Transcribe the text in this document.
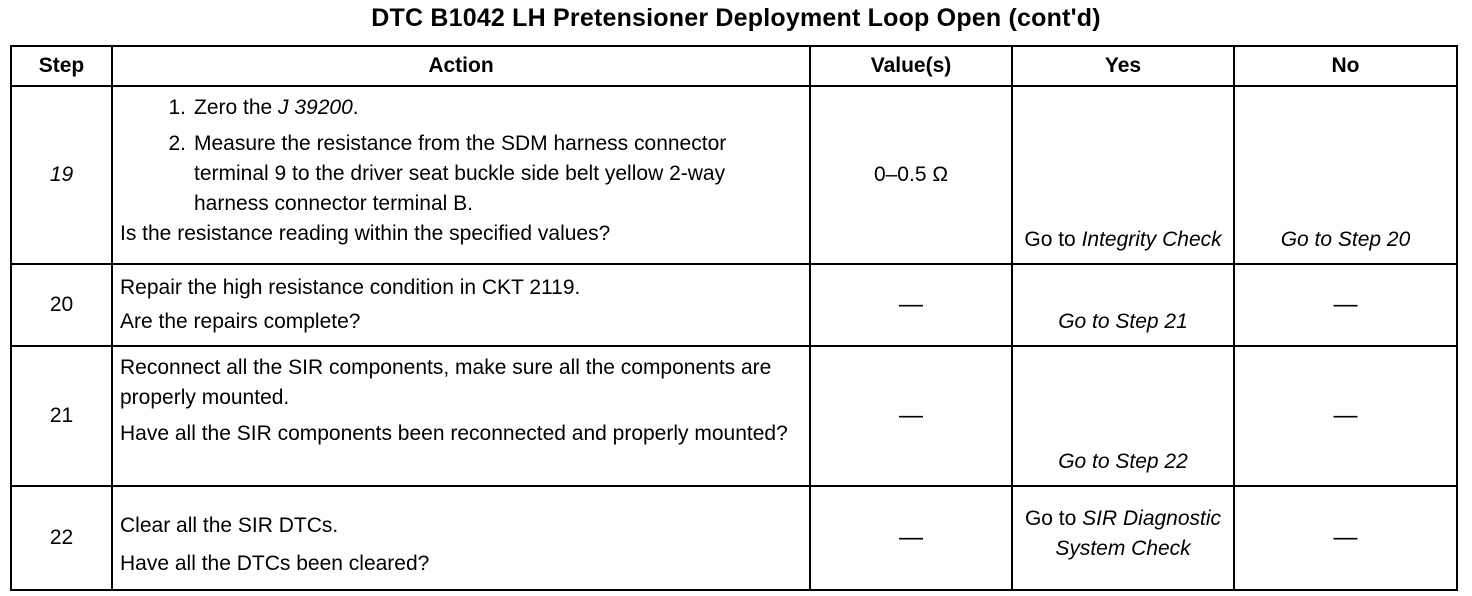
DTC B1042 LH Pretensioner Deployment Loop Open (cont'd)
Step	Action	Value(s)	Yes	No
19	1. Zero the J 39200.
2. Measure the resistance from the SDM harness connector terminal 9 to the driver seat buckle side belt yellow 2-way harness connector terminal B.
Is the resistance reading within the specified values?	0–0.5 Ω	Go to Integrity Check	Go to Step 20
20	Repair the high resistance condition in CKT 2119.
Are the repairs complete?	—	Go to Step 21	—
21	Reconnect all the SIR components, make sure all the components are properly mounted.
Have all the SIR components been reconnected and properly mounted?	—	Go to Step 22	—
22	Clear all the SIR DTCs.
Have all the DTCs been cleared?	—	Go to SIR Diagnostic System Check	—
